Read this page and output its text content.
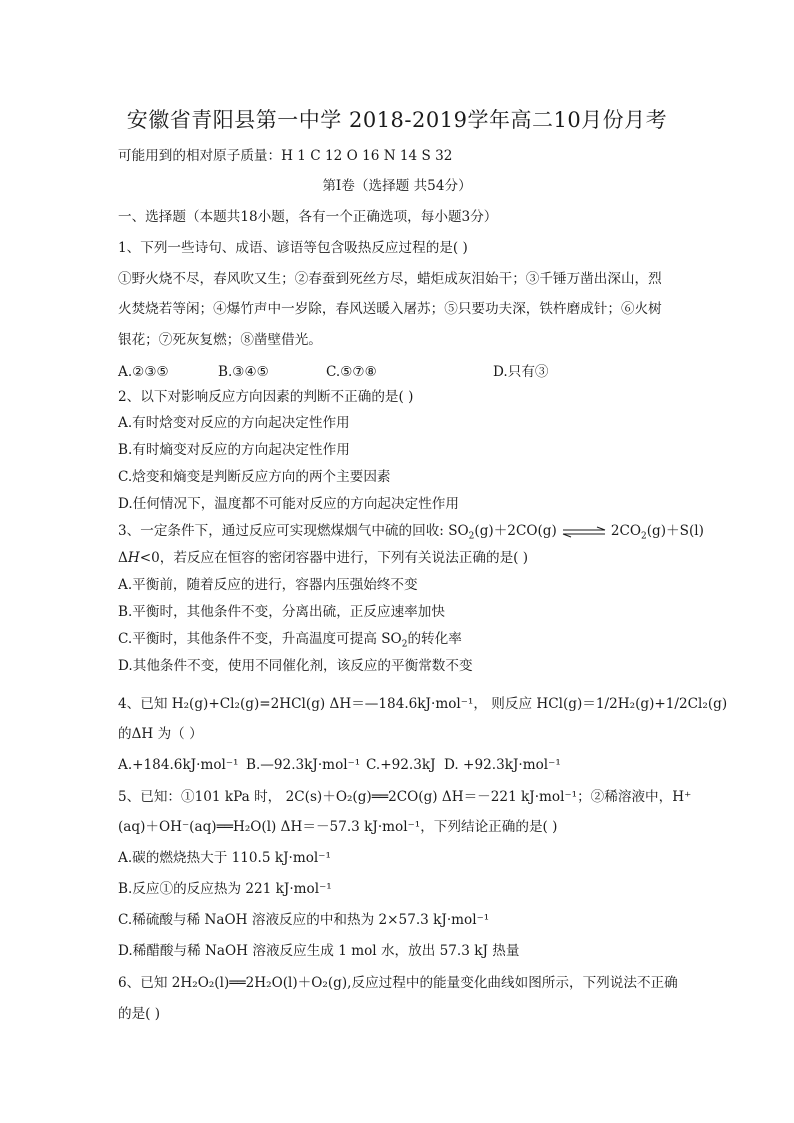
安徽省青阳县第一中学 2018-2019学年高二10月份月考
可能用到的相对原子质量：H 1 C 12 O 16 N 14 S 32
第Ⅰ卷（选择题 共54分）
一、选择题（本题共18小题，各有一个正确选项，每小题3分）
1、下列一些诗句、成语、谚语等包含吸热反应过程的是( )
①野火烧不尽，春风吹又生；②春蚕到死丝方尽，蜡炬成灰泪始干；③千锤万凿出深山，烈
火焚烧若等闲；④爆竹声中一岁除，春风送暖入屠苏；⑤只要功夫深，铁杵磨成针；⑥火树
银花；⑦死灰复燃；⑧凿壁借光。
A.②③⑤	B.③④⑤	C.⑤⑦⑧	D.只有③
2、以下对影响反应方向因素的判断不正确的是( )
A.有时焓变对反应的方向起决定性作用
B.有时熵变对反应的方向起决定性作用
C.焓变和熵变是判断反应方向的两个主要因素
D.任何情况下，温度都不可能对反应的方向起决定性作用
3、一定条件下，通过反应可实现燃煤烟气中硫的回收: $SO_2(g)+2CO(g)$ ⇌ $2CO_2(g)+S(l)$
ΔH<0，若反应在恒容的密闭容器中进行，下列有关说法正确的是( )
A.平衡前，随着反应的进行，容器内压强始终不变
B.平衡时，其他条件不变，分离出硫，正反应速率加快
C.平衡时，其他条件不变，升高温度可提高 $SO_2$的转化率
D.其他条件不变，使用不同催化剂，该反应的平衡常数不变
4、已知 H₂(g)+Cl₂(g)=2HCl(g) ΔH＝—184.6kJ·mol⁻¹， 则反应 HCl(g)＝1/2H₂(g)+1/2Cl₂(g)
的ΔH 为（ ）
A.+184.6kJ·mol⁻¹ B.—92.3kJ·mol⁻¹ C.+92.3kJ D. +92.3kJ·mol⁻¹
5、已知：①101 kPa 时， 2C(s)＋O₂(g)══2CO(g) ΔH＝－221 kJ·mol⁻¹；②稀溶液中，H⁺
(aq)＋OH⁻(aq)══H₂O(l) ΔH＝－57.3 kJ·mol⁻¹，下列结论正确的是( )
A.碳的燃烧热大于 110.5 kJ·mol⁻¹
B.反应①的反应热为 221 kJ·mol⁻¹
C.稀硫酸与稀 NaOH 溶液反应的中和热为 2×57.3 kJ·mol⁻¹
D.稀醋酸与稀 NaOH 溶液反应生成 1 mol 水，放出 57.3 kJ 热量
6、已知 2H₂O₂(l)══2H₂O(l)＋O₂(g),反应过程中的能量变化曲线如图所示，下列说法不正确
的是( )
